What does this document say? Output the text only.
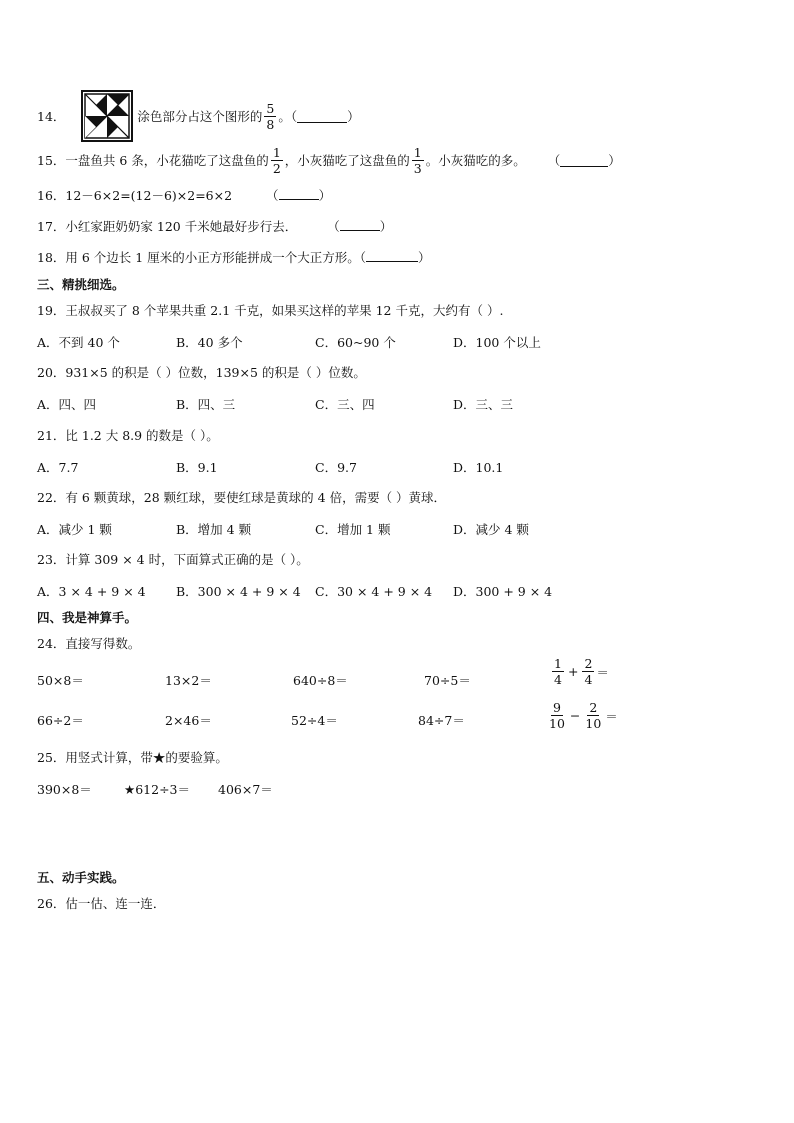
14．	涂色部分占这个图形的 $\frac{5}{8}$ 。（	）
15． 一盘鱼共 6 条，小花猫吃了这盘鱼的 $\frac{1}{2}$ ，小灰猫吃了这盘鱼的 $\frac{1}{3}$ 。小灰猫吃的多。 （	）
16．12－6×2=(12－6)×2=6×2	（	）
17．小红家距奶奶家 120 千米她最好步行去． （	）
18．用 6 个边长 1 厘米的小正方形能拼成一个大正方形。（	）
三、精挑细选。
19．王叔叔买了 8 个苹果共重 2.1 千克，如果买这样的苹果 12 千克，大约有（ ）.
A．不到 40 个	B．40 多个	C．60~90 个	D．100 个以上
20．931×5 的积是（ ）位数，139×5 的积是（ ）位数。
A．四、四	B．四、三	C．三、四	D．三、三
21．比 1.2 大 8.9 的数是（ ）。
A．7.7	B．9.1	C．9.7	D．10.1
22．有 6 颗黄球，28 颗红球，要使红球是黄球的 4 倍，需要（ ）黄球．
A．减少 1 颗	B．增加 4 颗	C．增加 1 颗	D．减少 4 颗
23．计算 309 × 4 时，下面算式正确的是（ ）。
A．3 × 4 + 9 × 4 B．300 × 4 + 9 × 4 C．30 × 4 + 9 × 4 D．300 + 9 × 4
四、我是神算手。
24．直接写得数。
50×8＝	13×2＝	640÷8＝	70÷5＝	$\frac{1}{4} + \frac{2}{4}$ ＝
66÷2＝	2×46＝	52÷4＝	84÷7＝	$\frac{9}{10} - \frac{2}{10}$ ＝
25．用竖式计算，带★的要验算。
390×8＝	★612÷3＝ 406×7＝
五、动手实践。
26．估一估、连一连．
